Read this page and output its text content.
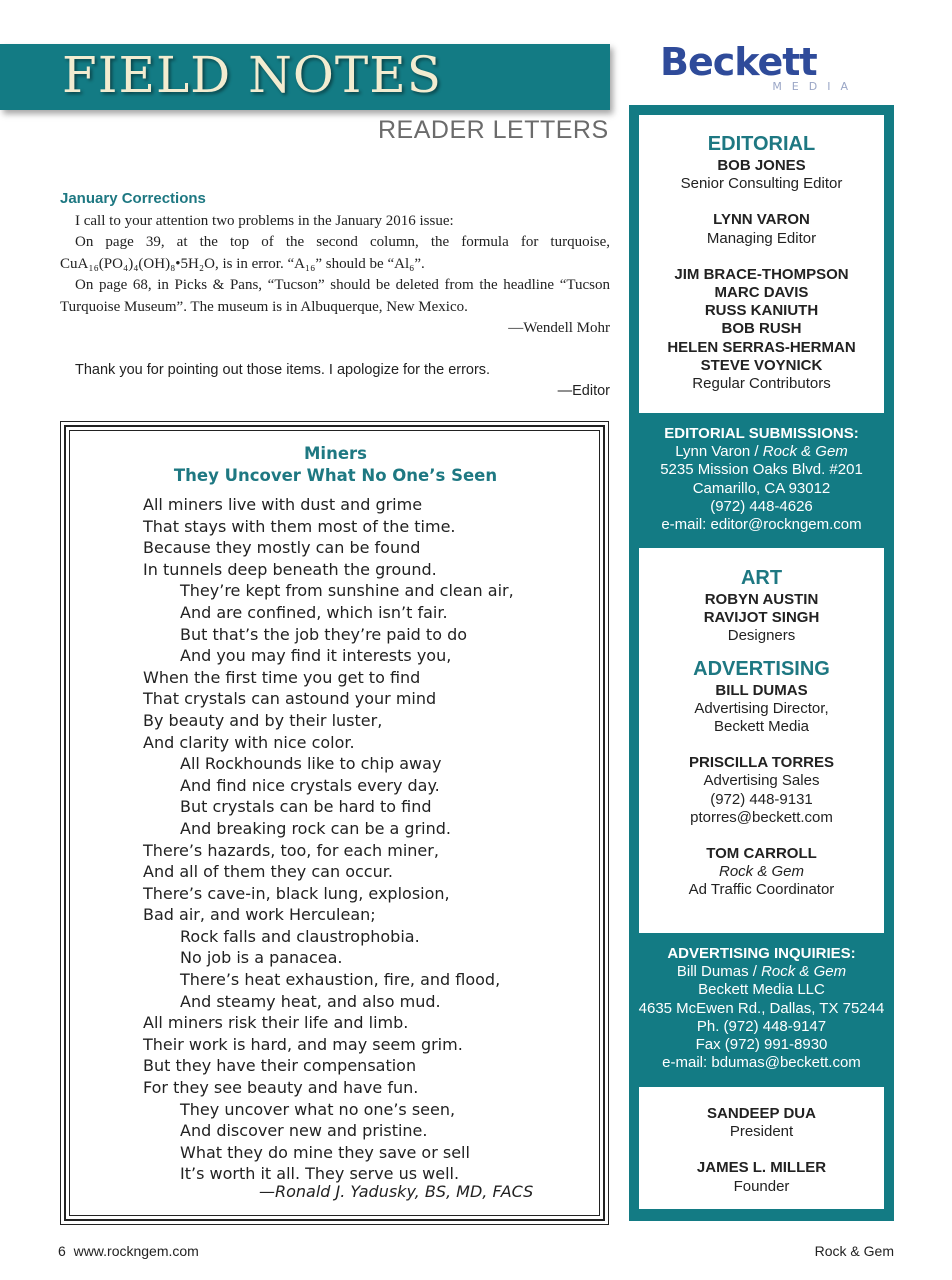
FIELD NOTES
READER LETTERS
Beckett
MEDIA
January Corrections

I call to your attention two problems in the January 2016 issue:

On page 39, at the top of the second column, the formula for turquoise, CuA₁₆(PO₄)₄(OH)₈•5H₂O, is in error. “A₁₆” should be “Al₆”.

On page 68, in Picks & Pans, “Tucson” should be deleted from the headline “Tucson Turquoise Museum”. The museum is in Albuquerque, New Mexico.

—Wendell Mohr
Thank you for pointing out those items. I apologize for the errors.
—Editor
Miners
They Uncover What No One’s Seen
All miners live with dust and grime
That stays with them most of the time.
Because they mostly can be found
In tunnels deep beneath the ground.
They’re kept from sunshine and clean air,
And are confined, which isn’t fair.
But that’s the job they’re paid to do
And you may find it interests you,
When the first time you get to find
That crystals can astound your mind
By beauty and by their luster,
And clarity with nice color.
All Rockhounds like to chip away
And find nice crystals every day.
But crystals can be hard to find
And breaking rock can be a grind.
There’s hazards, too, for each miner,
And all of them they can occur.
There’s cave-in, black lung, explosion,
Bad air, and work Herculean;
Rock falls and claustrophobia.
No job is a panacea.
There’s heat exhaustion, fire, and flood,
And steamy heat, and also mud.
All miners risk their life and limb.
Their work is hard, and may seem grim.
But they have their compensation
For they see beauty and have fun.
They uncover what no one’s seen,
And discover new and pristine.
What they do mine they save or sell
It’s worth it all. They serve us well.
—Ronald J. Yadusky, BS, MD, FACS
6 www.rockngem.com	Rock & Gem
EDITORIAL
BOB JONES
Senior Consulting Editor
LYNN VARON
Managing Editor
JIM BRACE-THOMPSON
MARC DAVIS
RUSS KANIUTH
BOB RUSH
HELEN SERRAS-HERMAN
STEVE VOYNICK
Regular Contributors
EDITORIAL SUBMISSIONS:
Lynn Varon / Rock & Gem
5235 Mission Oaks Blvd. #201
Camarillo, CA 93012
(972) 448-4626
e-mail: editor@rockngem.com
ART
ROBYN AUSTIN
RAVIJOT SINGH
Designers
ADVERTISING
BILL DUMAS
Advertising Director,
Beckett Media
PRISCILLA TORRES
Advertising Sales
(972) 448-9131
ptorres@beckett.com
TOM CARROLL
Rock & Gem
Ad Traffic Coordinator
ADVERTISING INQUIRIES:
Bill Dumas / Rock & Gem
Beckett Media LLC
4635 McEwen Rd., Dallas, TX 75244
Ph. (972) 448-9147
Fax (972) 991-8930
e-mail: bdumas@beckett.com
SANDEEP DUA
President
JAMES L. MILLER
Founder
